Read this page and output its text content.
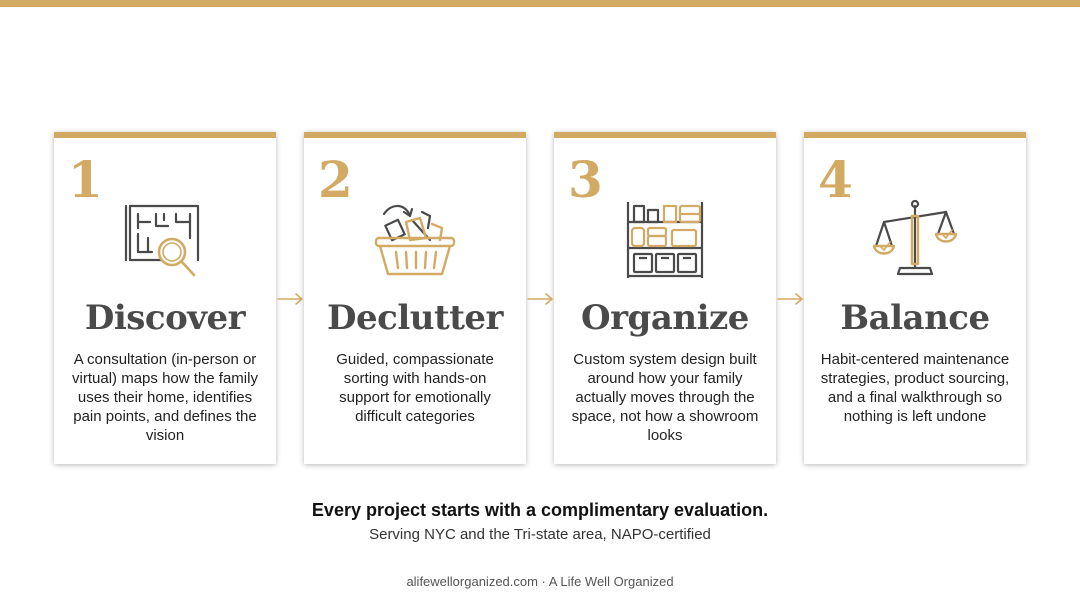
1
Discover
A consultation (in-person or virtual) maps how the family uses their home, identifies pain points, and defines the vision
2
Declutter
Guided, compassionate sorting with hands-on support for emotionally difficult categories
3
Organize
Custom system design built around how your family actually moves through the space, not how a showroom looks
4
Balance
Habit-centered maintenance strategies, product sourcing, and a final walkthrough so nothing is left undone
Every project starts with a complimentary evaluation.
Serving NYC and the Tri-state area, NAPO-certified
alifewellorganized.com · A Life Well Organized
